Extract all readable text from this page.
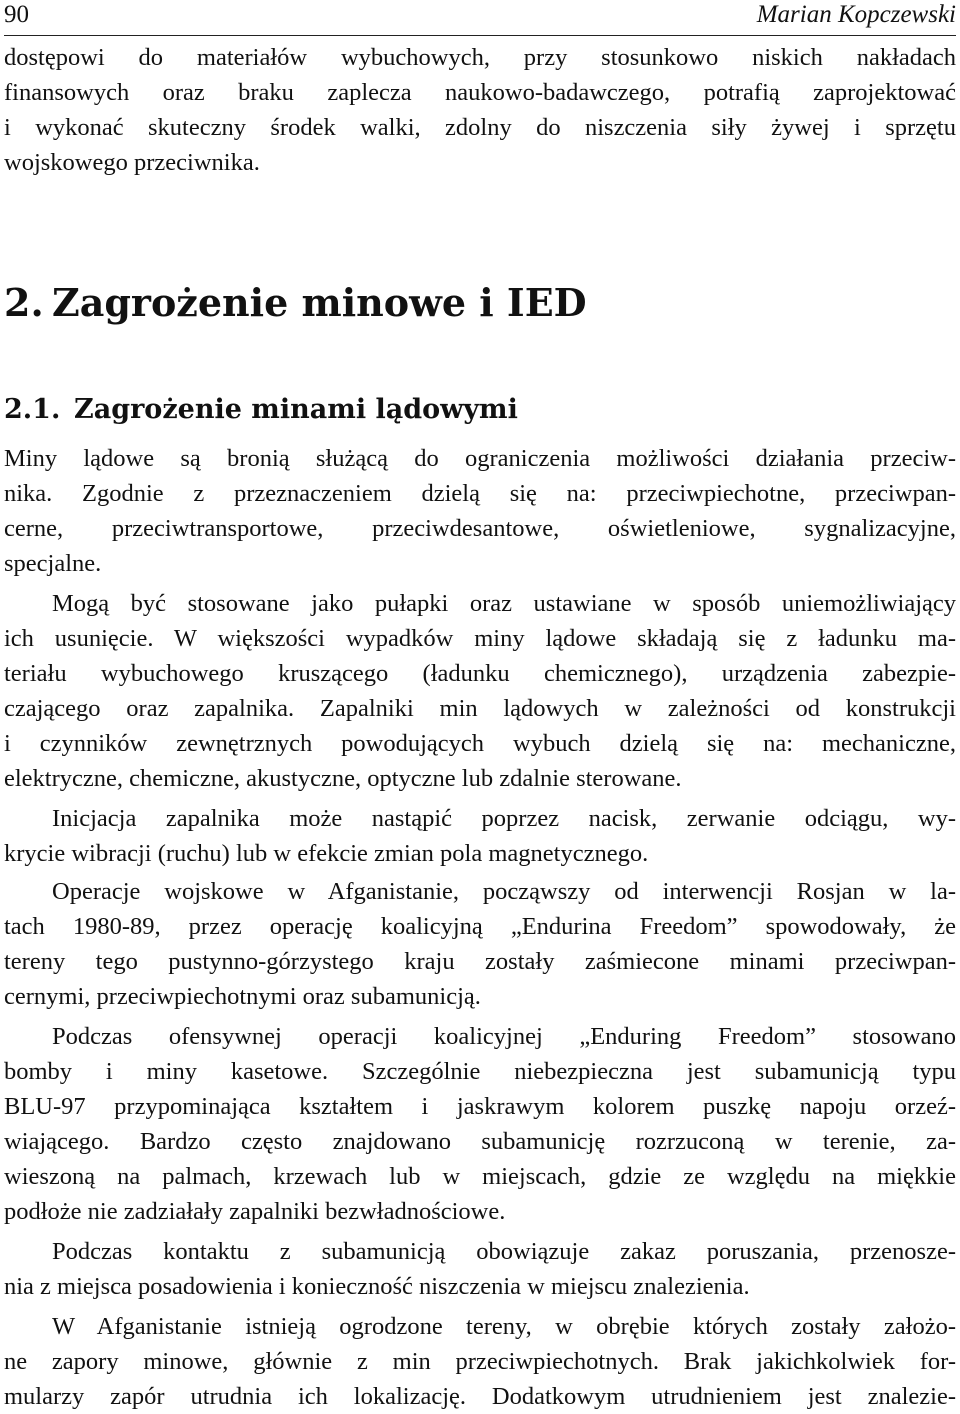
90	Marian Kopczewski
dostępowi do materiałów wybuchowych, przy stosunkowo niskich nakładach
finansowych oraz braku zaplecza naukowo-badawczego, potrafią zaprojektować
i wykonać skuteczny środek walki, zdolny do niszczenia siły żywej i sprzętu
wojskowego przeciwnika.
2. Zagrożenie minowe i IED
2.1. Zagrożenie minami lądowymi
Miny lądowe są bronią służącą do ograniczenia możliwości działania przeciw-
nika. Zgodnie z przeznaczeniem dzielą się na: przeciwpiechotne, przeciwpan-
cerne, przeciwtransportowe, przeciwdesantowe, oświetleniowe, sygnalizacyjne,
specjalne.
Mogą być stosowane jako pułapki oraz ustawiane w sposób uniemożliwiający
ich usunięcie. W większości wypadków miny lądowe składają się z ładunku ma-
teriału wybuchowego kruszącego (ładunku chemicznego), urządzenia zabezpie-
czającego oraz zapalnika. Zapalniki min lądowych w zależności od konstrukcji
i czynników zewnętrznych powodujących wybuch dzielą się na: mechaniczne,
elektryczne, chemiczne, akustyczne, optyczne lub zdalnie sterowane.
Inicjacja zapalnika może nastąpić poprzez nacisk, zerwanie odciągu, wy-
krycie wibracji (ruchu) lub w efekcie zmian pola magnetycznego.
Operacje wojskowe w Afganistanie, począwszy od interwencji Rosjan w la-
tach 1980-89, przez operację koalicyjną „Endurina Freedom” spowodowały, że
tereny tego pustynno-górzystego kraju zostały zaśmiecone minami przeciwpan-
cernymi, przeciwpiechotnymi oraz subamunicją.
Podczas ofensywnej operacji koalicyjnej „Enduring Freedom” stosowano
bomby i miny kasetowe. Szczególnie niebezpieczna jest subamunicją typu
BLU-97 przypominająca kształtem i jaskrawym kolorem puszkę napoju orzeź-
wiającego. Bardzo często znajdowano subamunicję rozrzuconą w terenie, za-
wieszoną na palmach, krzewach lub w miejscach, gdzie ze względu na miękkie
podłoże nie zadziałały zapalniki bezwładnościowe.
Podczas kontaktu z subamunicją obowiązuje zakaz poruszania, przenosze-
nia z miejsca posadowienia i konieczność niszczenia w miejscu znalezienia.
W Afganistanie istnieją ogrodzone tereny, w obrębie których zostały założo-
ne zapory minowe, głównie z min przeciwpiechotnych. Brak jakichkolwiek for-
mularzy zapór utrudnia ich lokalizację. Dodatkowym utrudnieniem jest znalezie-
